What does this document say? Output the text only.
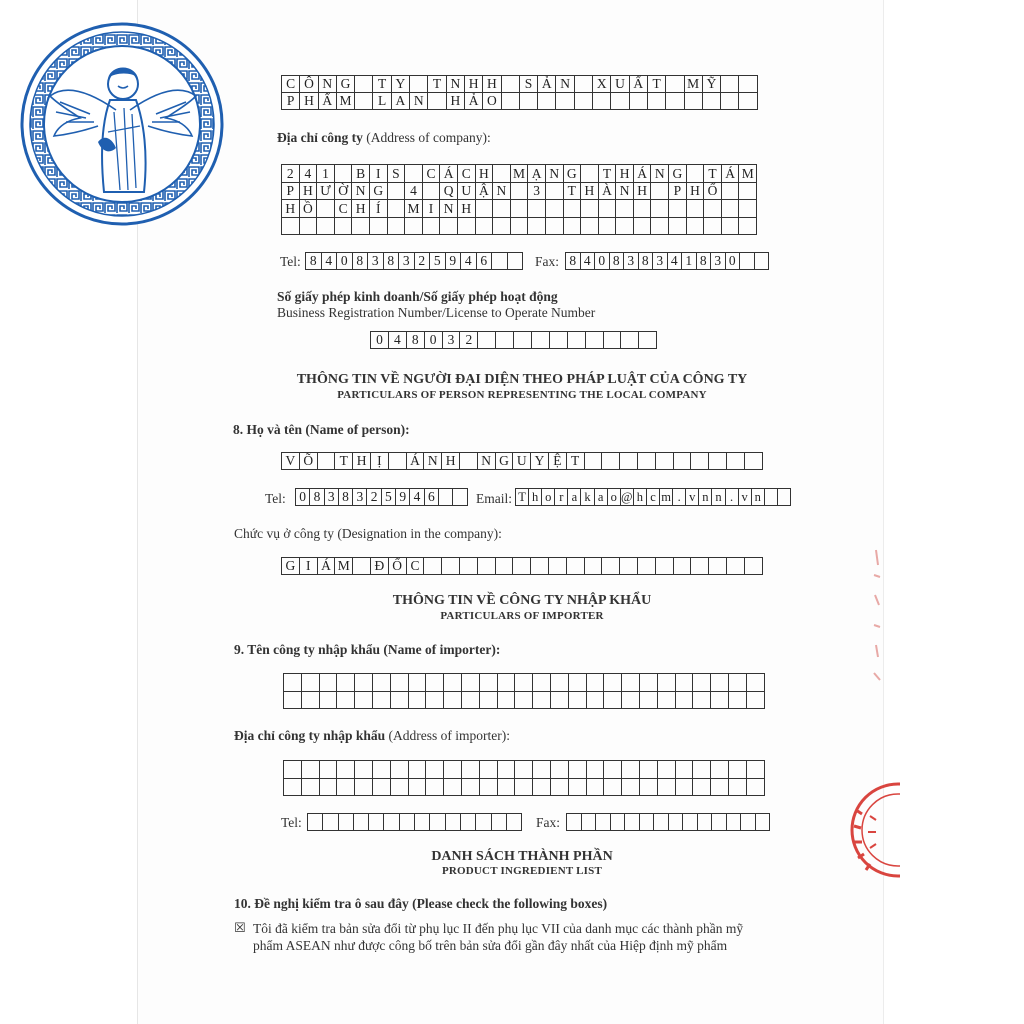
C Ô N G	T Y	T N H H	S Ả N	X U Ấ T	M Ỹ
P H Ẩ M	L A N	H Ả O
Địa chỉ công ty (Address of company):
2 4 1	B I S	C Á C H	M Ạ N G	T H Á N G	T Á M
P H Ư Ờ N G	4	Q U Ậ N	3	T H À N H	P H Ố
H Ồ	C H Í	M I N H
Tel: 8 4 0 8 3 8 3 2 5 9 4 6	Fax: 8 4 0 8 3 8 3 4 1 8 3 0
Số giấy phép kinh doanh/Số giấy phép hoạt động
Business Registration Number/License to Operate Number
0 4 8 0 3 2
THÔNG TIN VỀ NGƯỜI ĐẠI DIỆN THEO PHÁP LUẬT CỦA CÔNG TY
PARTICULARS OF PERSON REPRESENTING THE LOCAL COMPANY
8. Họ và tên (Name of person):
V Õ	T H Ị	Á N H	N G U Y Ệ T
Tel: 0 8 3 8 3 2 5 9 4 6	Email: T h o r a k a o @ h c m . v n n . v n
Chức vụ ở công ty (Designation in the company):
G I Á M Đ Ố C
THÔNG TIN VỀ CÔNG TY NHẬP KHẨU
PARTICULARS OF IMPORTER
9. Tên công ty nhập khẩu (Name of importer):
Địa chỉ công ty nhập khẩu (Address of importer):
Tel:	Fax:
DANH SÁCH THÀNH PHẦN
PRODUCT INGREDIENT LIST
10. Đề nghị kiểm tra ô sau đây (Please check the following boxes)
☒ Tôi đã kiểm tra bản sửa đổi từ phụ lục II đến phụ lục VII của danh mục các thành phần mỹ
phẩm ASEAN như được công bố trên bản sửa đổi gần đây nhất của Hiệp định mỹ phẩm
